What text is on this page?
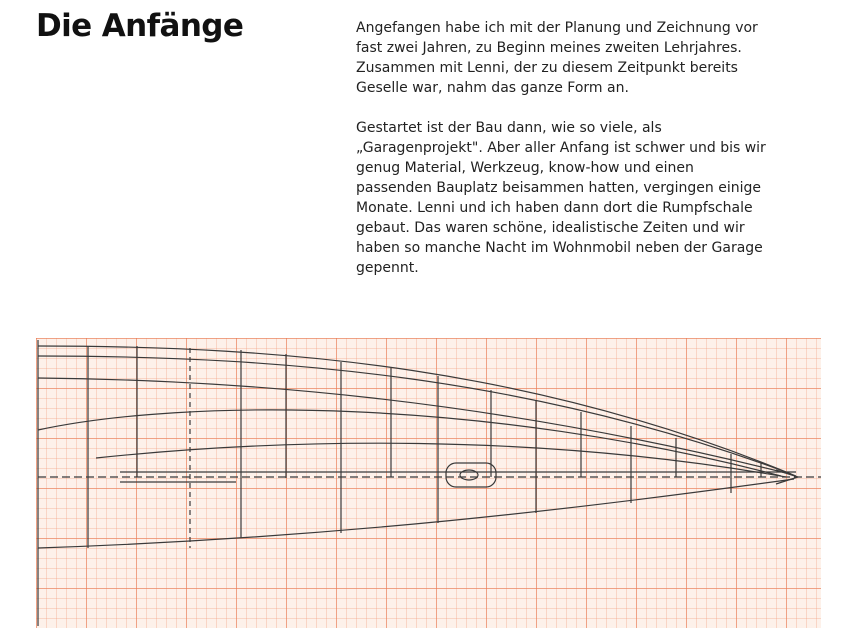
Die Anfänge	Angefangen habe ich mit der Planung und Zeichnung vor
fast zwei Jahren, zu Beginn meines zweiten Lehrjahres.
Zusammen mit Lenni, der zu diesem Zeitpunkt bereits
Geselle war, nahm das ganze Form an.

Gestartet ist der Bau dann, wie so viele, als
„Garagenprojekt". Aber aller Anfang ist schwer und bis wir
genug Material, Werkzeug, know-how und einen
passenden Bauplatz beisammen hatten, vergingen einige
Monate. Lenni und ich haben dann dort die Rumpfschale
gebaut. Das waren schöne, idealistische Zeiten und wir
haben so manche Nacht im Wohnmobil neben der Garage
gepennt.
